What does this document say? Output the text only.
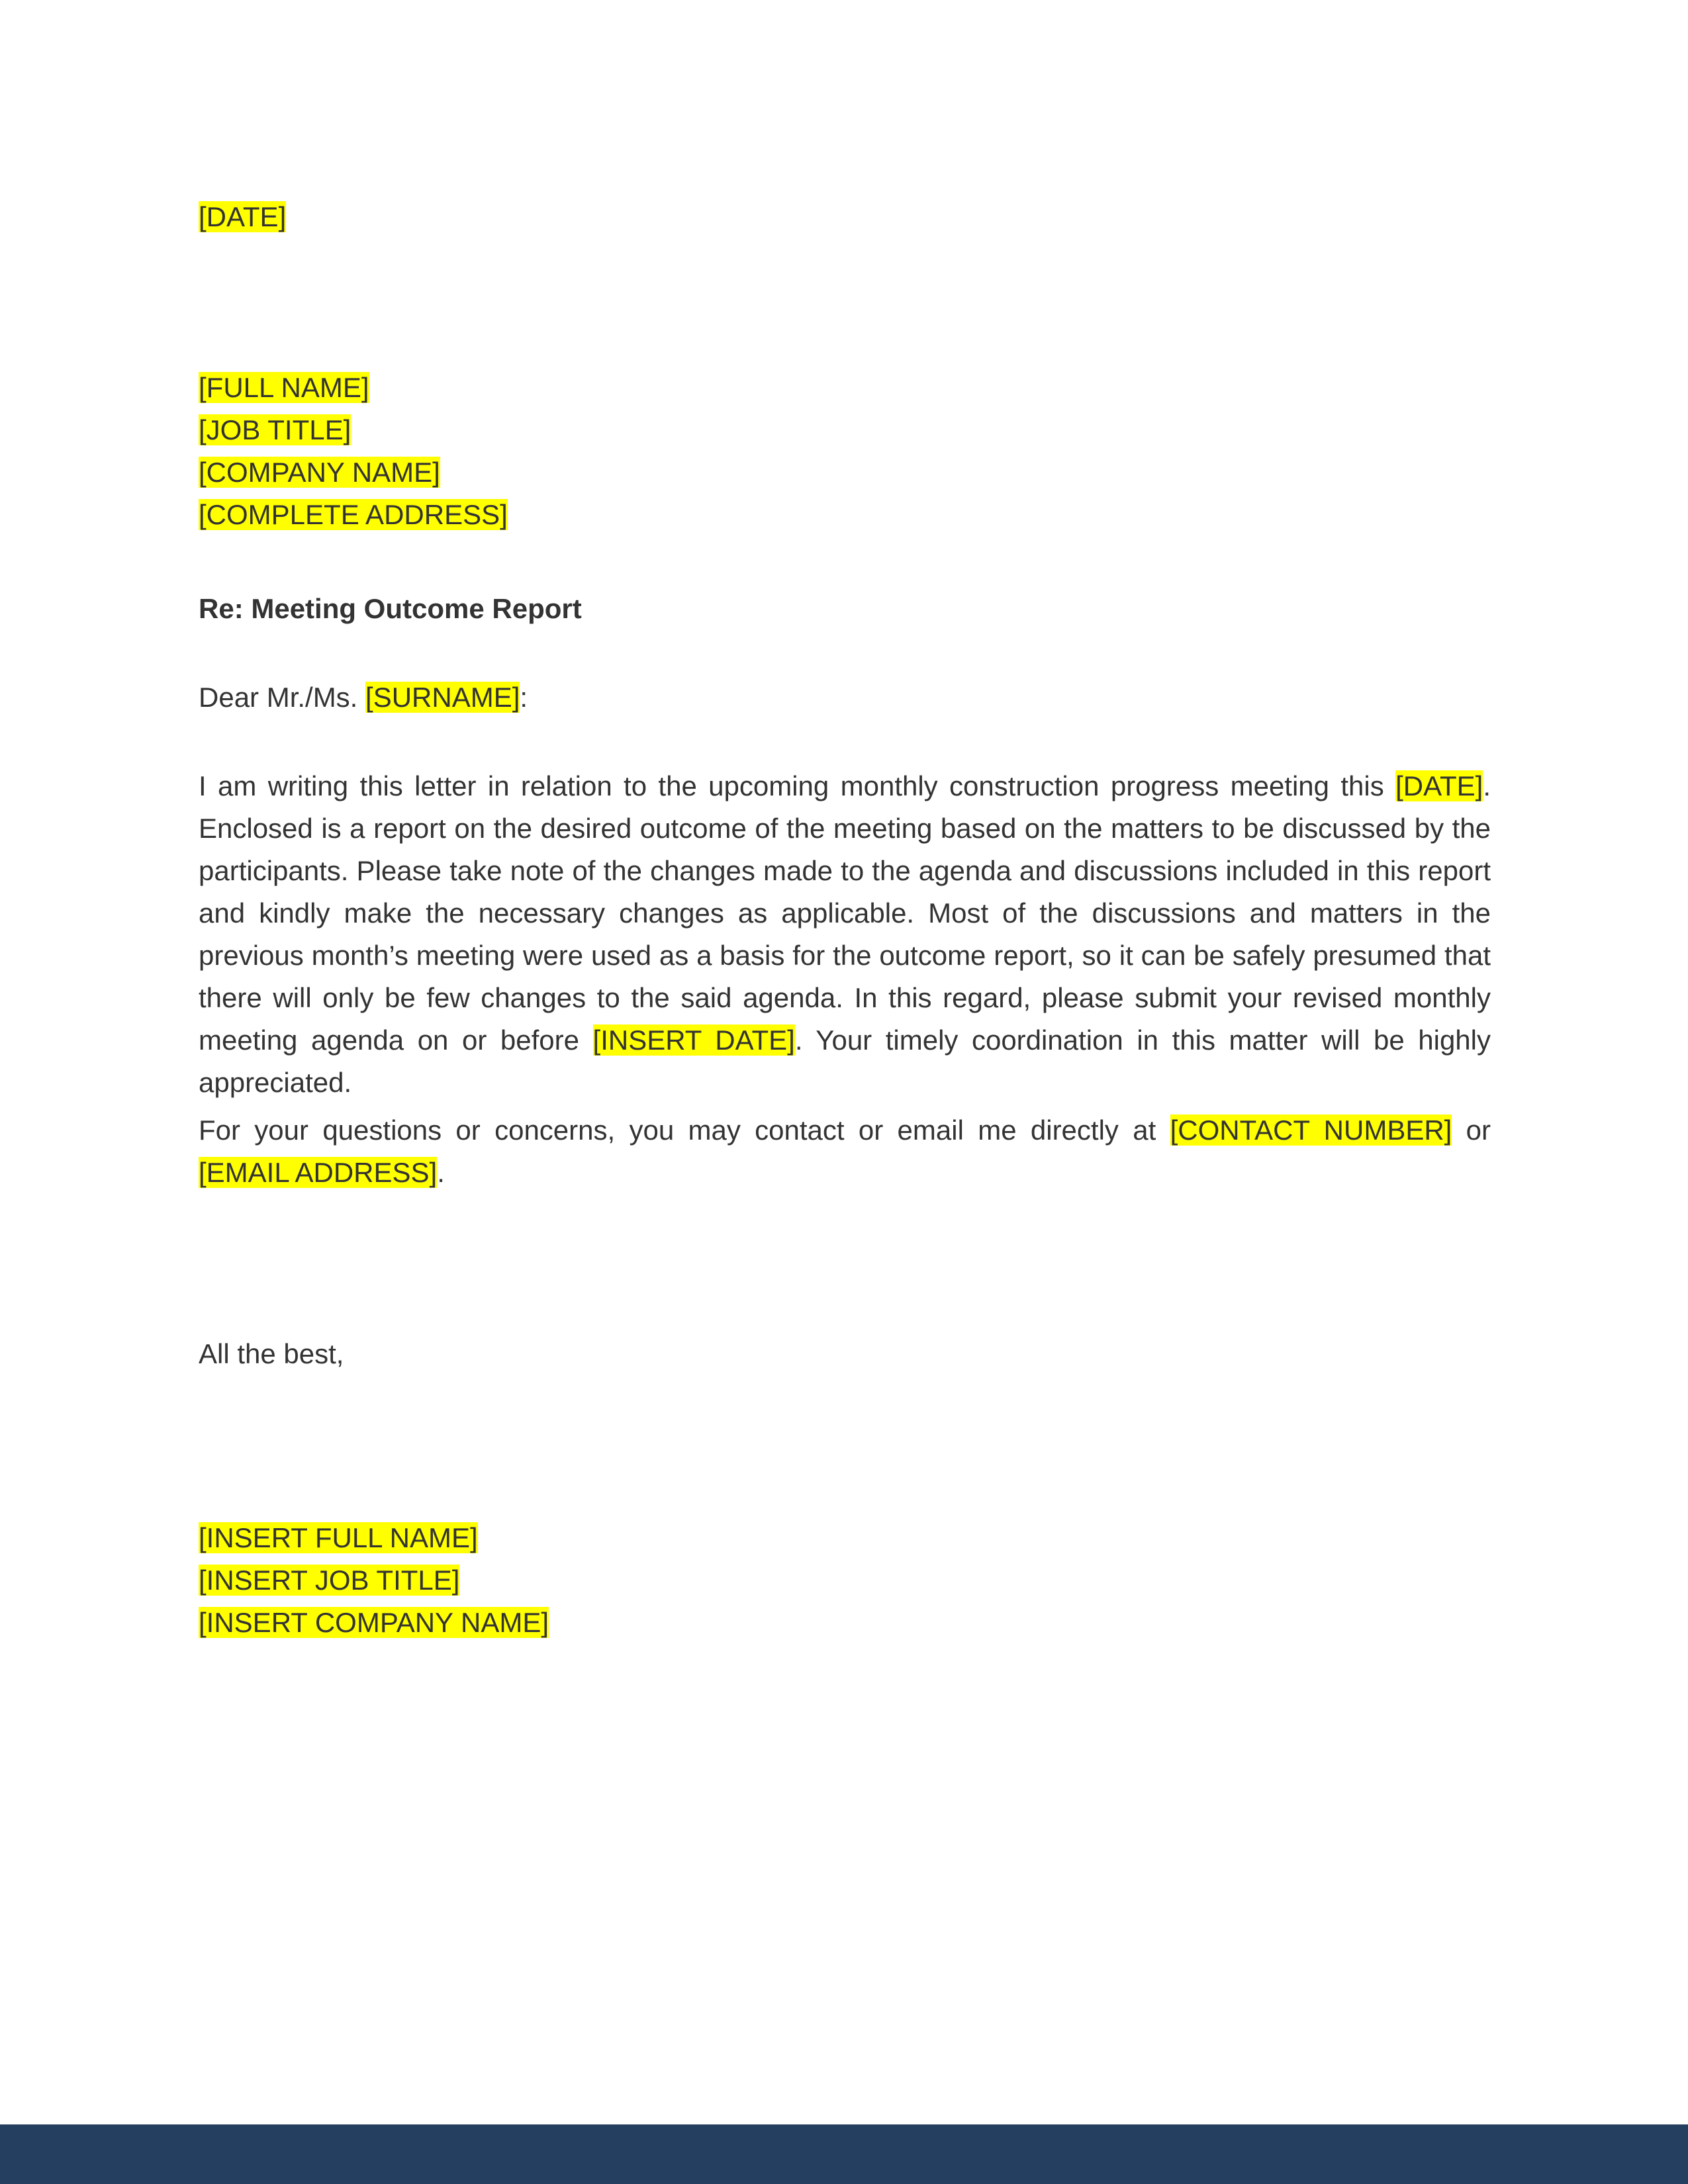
[DATE]
[FULL NAME]
[JOB TITLE]
[COMPANY NAME]
[COMPLETE ADDRESS]
Re: Meeting Outcome Report
Dear Mr./Ms. [SURNAME]:
I am writing this letter in relation to the upcoming monthly construction progress meeting this [DATE]. Enclosed is a report on the desired outcome of the meeting based on the matters to be discussed by the participants. Please take note of the changes made to the agenda and discussions included in this report and kindly make the necessary changes as applicable. Most of the discussions and matters in the previous month’s meeting were used as a basis for the outcome report, so it can be safely presumed that there will only be few changes to the said agenda. In this regard, please submit your revised monthly meeting agenda on or before [INSERT DATE]. Your timely coordination in this matter will be highly appreciated.
For your questions or concerns, you may contact or email me directly at [CONTACT NUMBER] or [EMAIL ADDRESS].
All the best,
[INSERT FULL NAME]
[INSERT JOB TITLE]
[INSERT COMPANY NAME]
